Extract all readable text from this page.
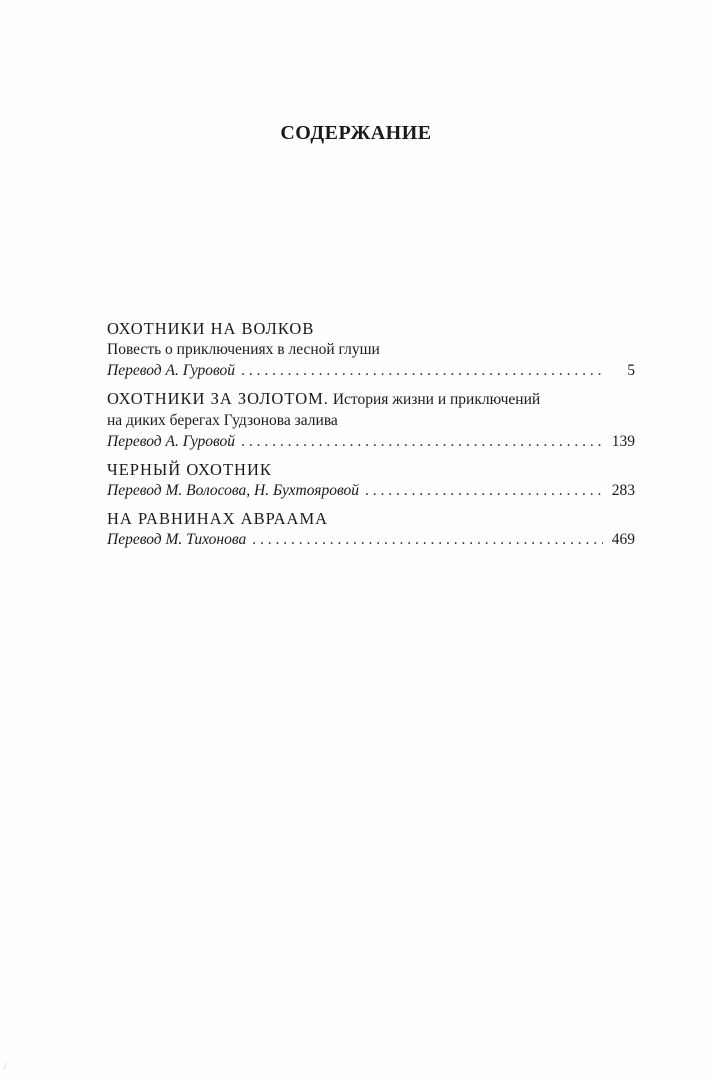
СОДЕРЖАНИЕ
ОХОТНИКИ НА ВОЛКОВ
Повесть о приключениях в лесной глуши
Перевод А. Гуровой . . .	5
ОХОТНИКИ ЗА ЗОЛОТОМ. История жизни и приключений
на диких берегах Гудзонова залива
Перевод А. Гуровой . . .	139
ЧЕРНЫЙ ОХОТНИК
Перевод М. Волосова, Н. Бухтояровой . . .	283
НА РАВНИНАХ АВРААМА
Перевод М. Тихонова . . .	469
/
